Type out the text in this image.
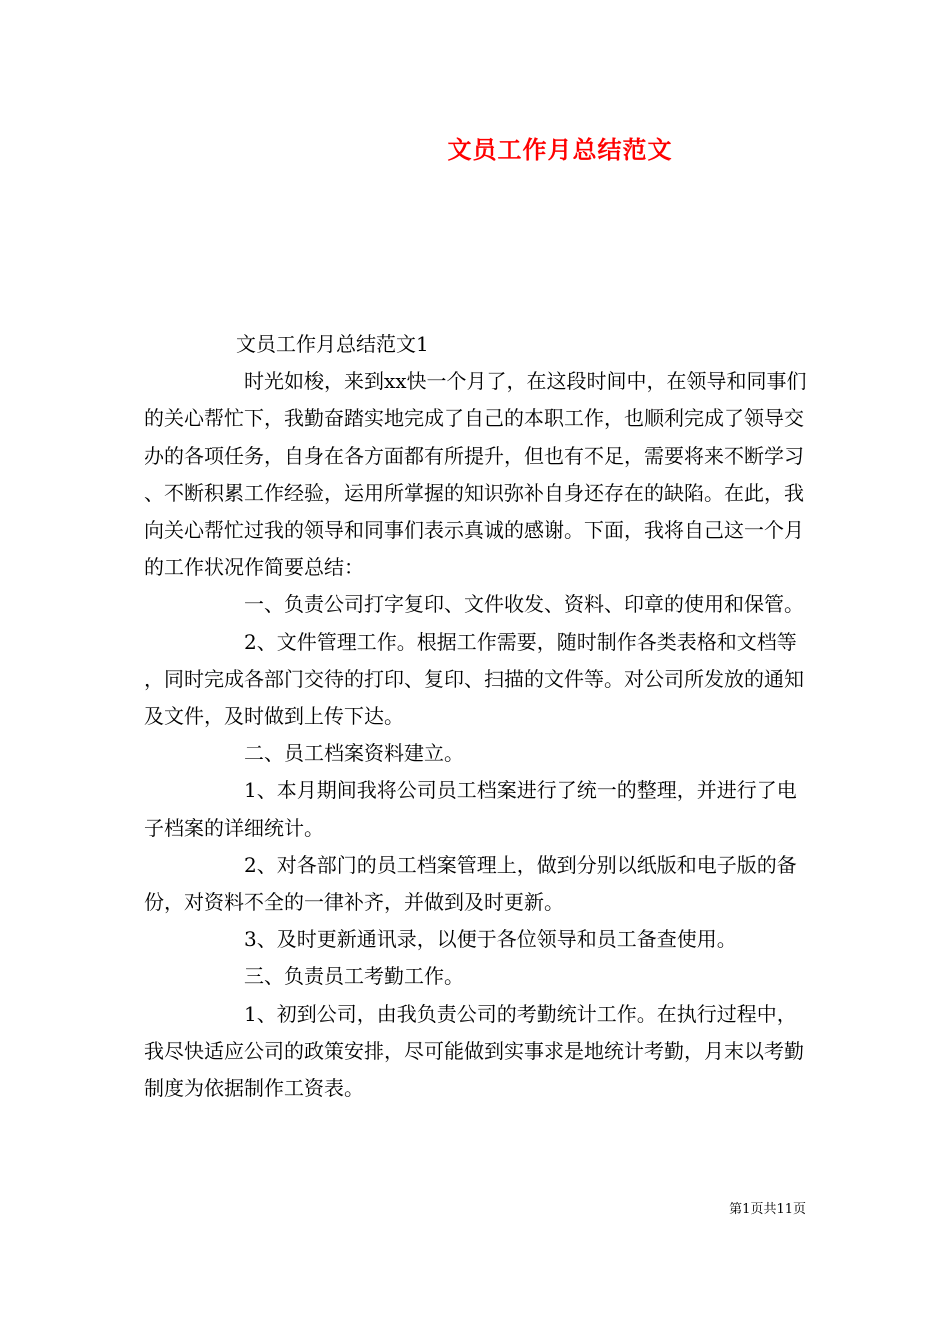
文员工作月总结范文

文员工作月总结范文1

时光如梭，来到xx快一个月了，在这段时间中，在领导和同事们的关心帮忙下，我勤奋踏实地完成了自己的本职工作，也顺利完成了领导交办的各项任务，自身在各方面都有所提升，但也有不足，需要将来不断学习、不断积累工作经验，运用所掌握的知识弥补自身还存在的缺陷。在此，我向关心帮忙过我的领导和同事们表示真诚的感谢。下面，我将自己这一个月的工作状况作简要总结：

一、负责公司打字复印、文件收发、资料、印章的使用和保管。

2、文件管理工作。根据工作需要，随时制作各类表格和文档等，同时完成各部门交待的打印、复印、扫描的文件等。对公司所发放的通知及文件，及时做到上传下达。

二、员工档案资料建立。

1、本月期间我将公司员工档案进行了统一的整理，并进行了电子档案的详细统计。

2、对各部门的员工档案管理上，做到分别以纸版和电子版的备份，对资料不全的一律补齐，并做到及时更新。

3、及时更新通讯录，以便于各位领导和员工备查使用。

三、负责员工考勤工作。

1、初到公司，由我负责公司的考勤统计工作。在执行过程中，我尽快适应公司的政策安排，尽可能做到实事求是地统计考勤，月末以考勤制度为依据制作工资表。

第1页共11页
